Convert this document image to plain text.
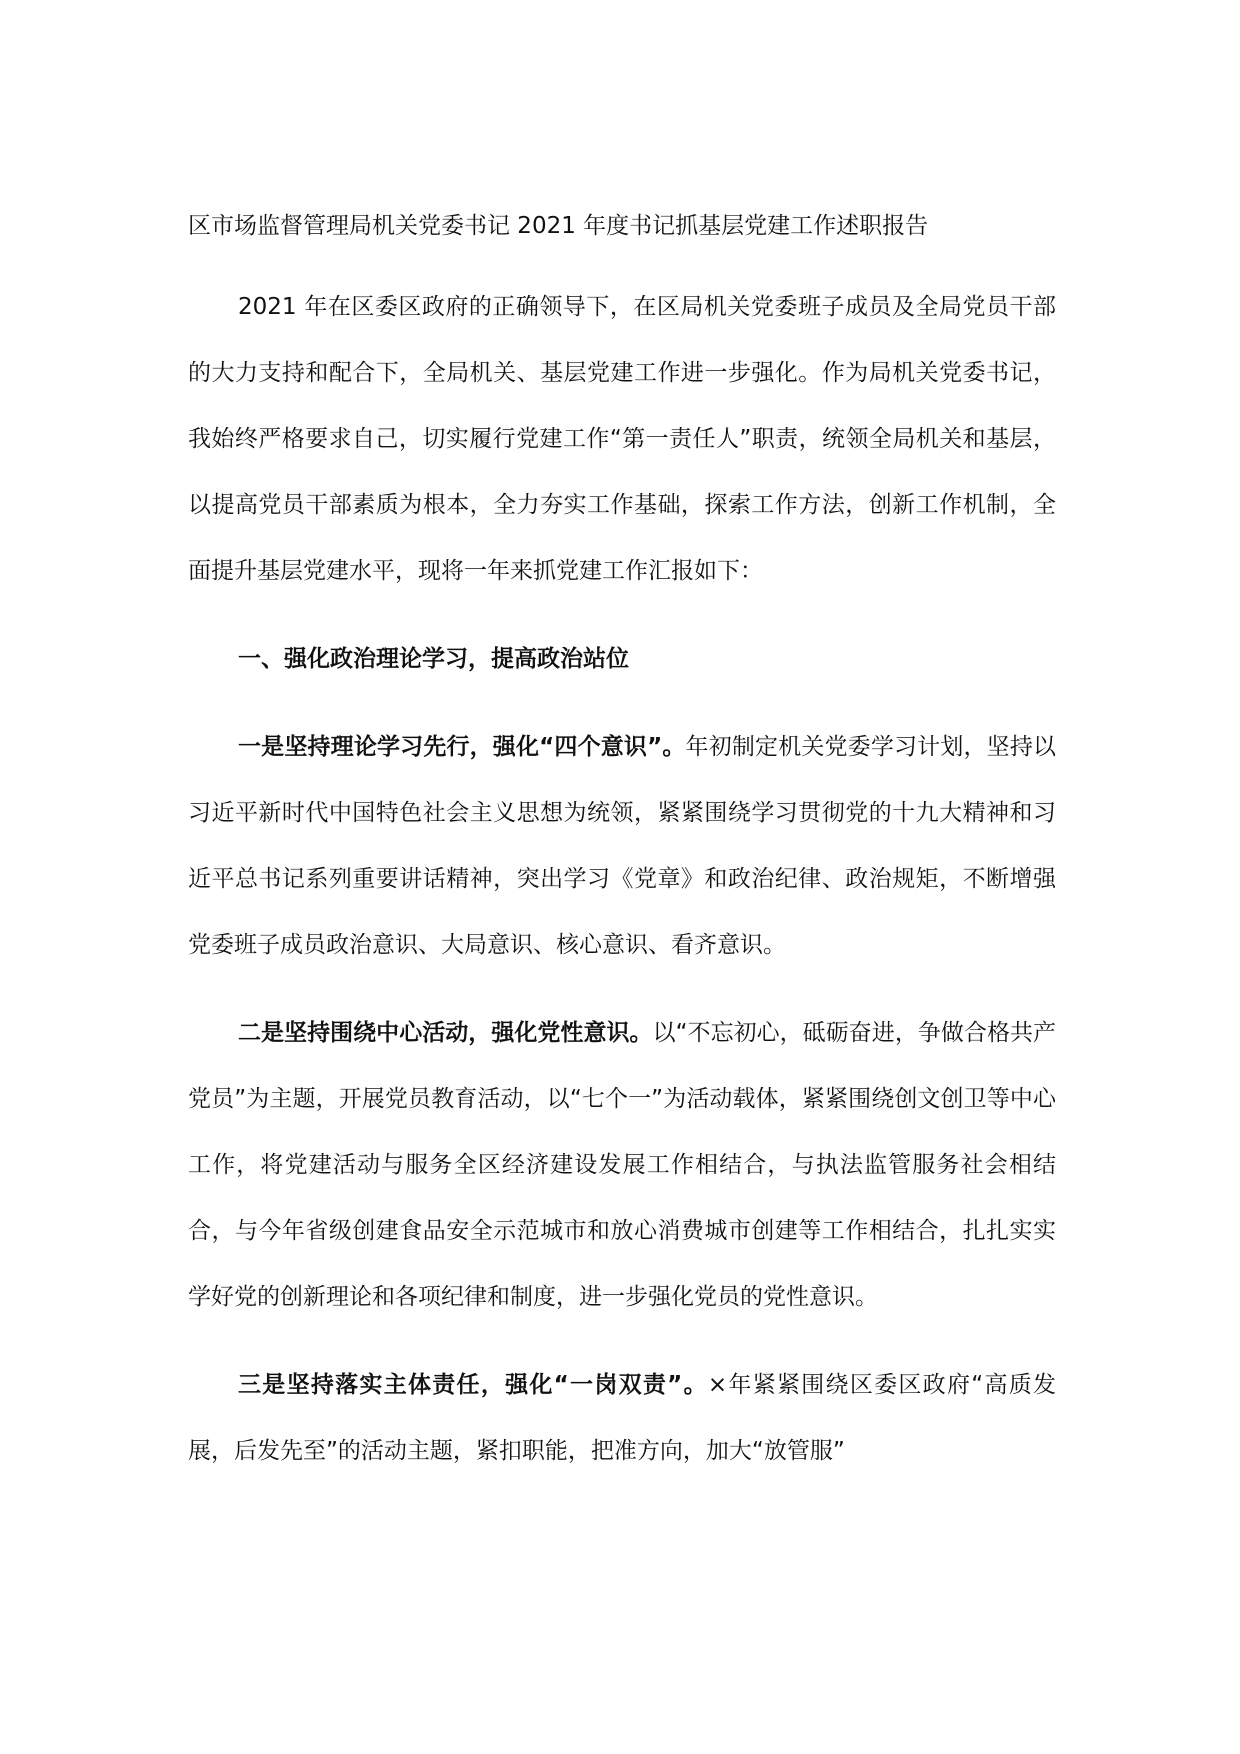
区市场监督管理局机关党委书记 2021 年度书记抓基层党建工作述职报告

2021 年在区委区政府的正确领导下，在区局机关党委班子成员及全局党员干部的大力支持和配合下，全局机关、基层党建工作进一步强化。作为局机关党委书记，我始终严格要求自己，切实履行党建工作“第一责任人”职责，统领全局机关和基层，以提高党员干部素质为根本，全力夯实工作基础，探索工作方法，创新工作机制，全面提升基层党建水平，现将一年来抓党建工作汇报如下：

一、强化政治理论学习，提高政治站位

一是坚持理论学习先行，强化“四个意识”。年初制定机关党委学习计划，坚持以习近平新时代中国特色社会主义思想为统领，紧紧围绕学习贯彻党的十九大精神和习近平总书记系列重要讲话精神，突出学习《党章》和政治纪律、政治规矩，不断增强党委班子成员政治意识、大局意识、核心意识、看齐意识。

二是坚持围绕中心活动，强化党性意识。以“不忘初心，砥砺奋进，争做合格共产党员”为主题，开展党员教育活动，以“七个一”为活动载体，紧紧围绕创文创卫等中心工作，将党建活动与服务全区经济建设发展工作相结合，与执法监管服务社会相结合，与今年省级创建食品安全示范城市和放心消费城市创建等工作相结合，扎扎实实学好党的创新理论和各项纪律和制度，进一步强化党员的党性意识。

三是坚持落实主体责任，强化“一岗双责”。×年紧紧围绕区委区政府“高质发展，后发先至”的活动主题，紧扣职能，把准方向，加大“放管服”
